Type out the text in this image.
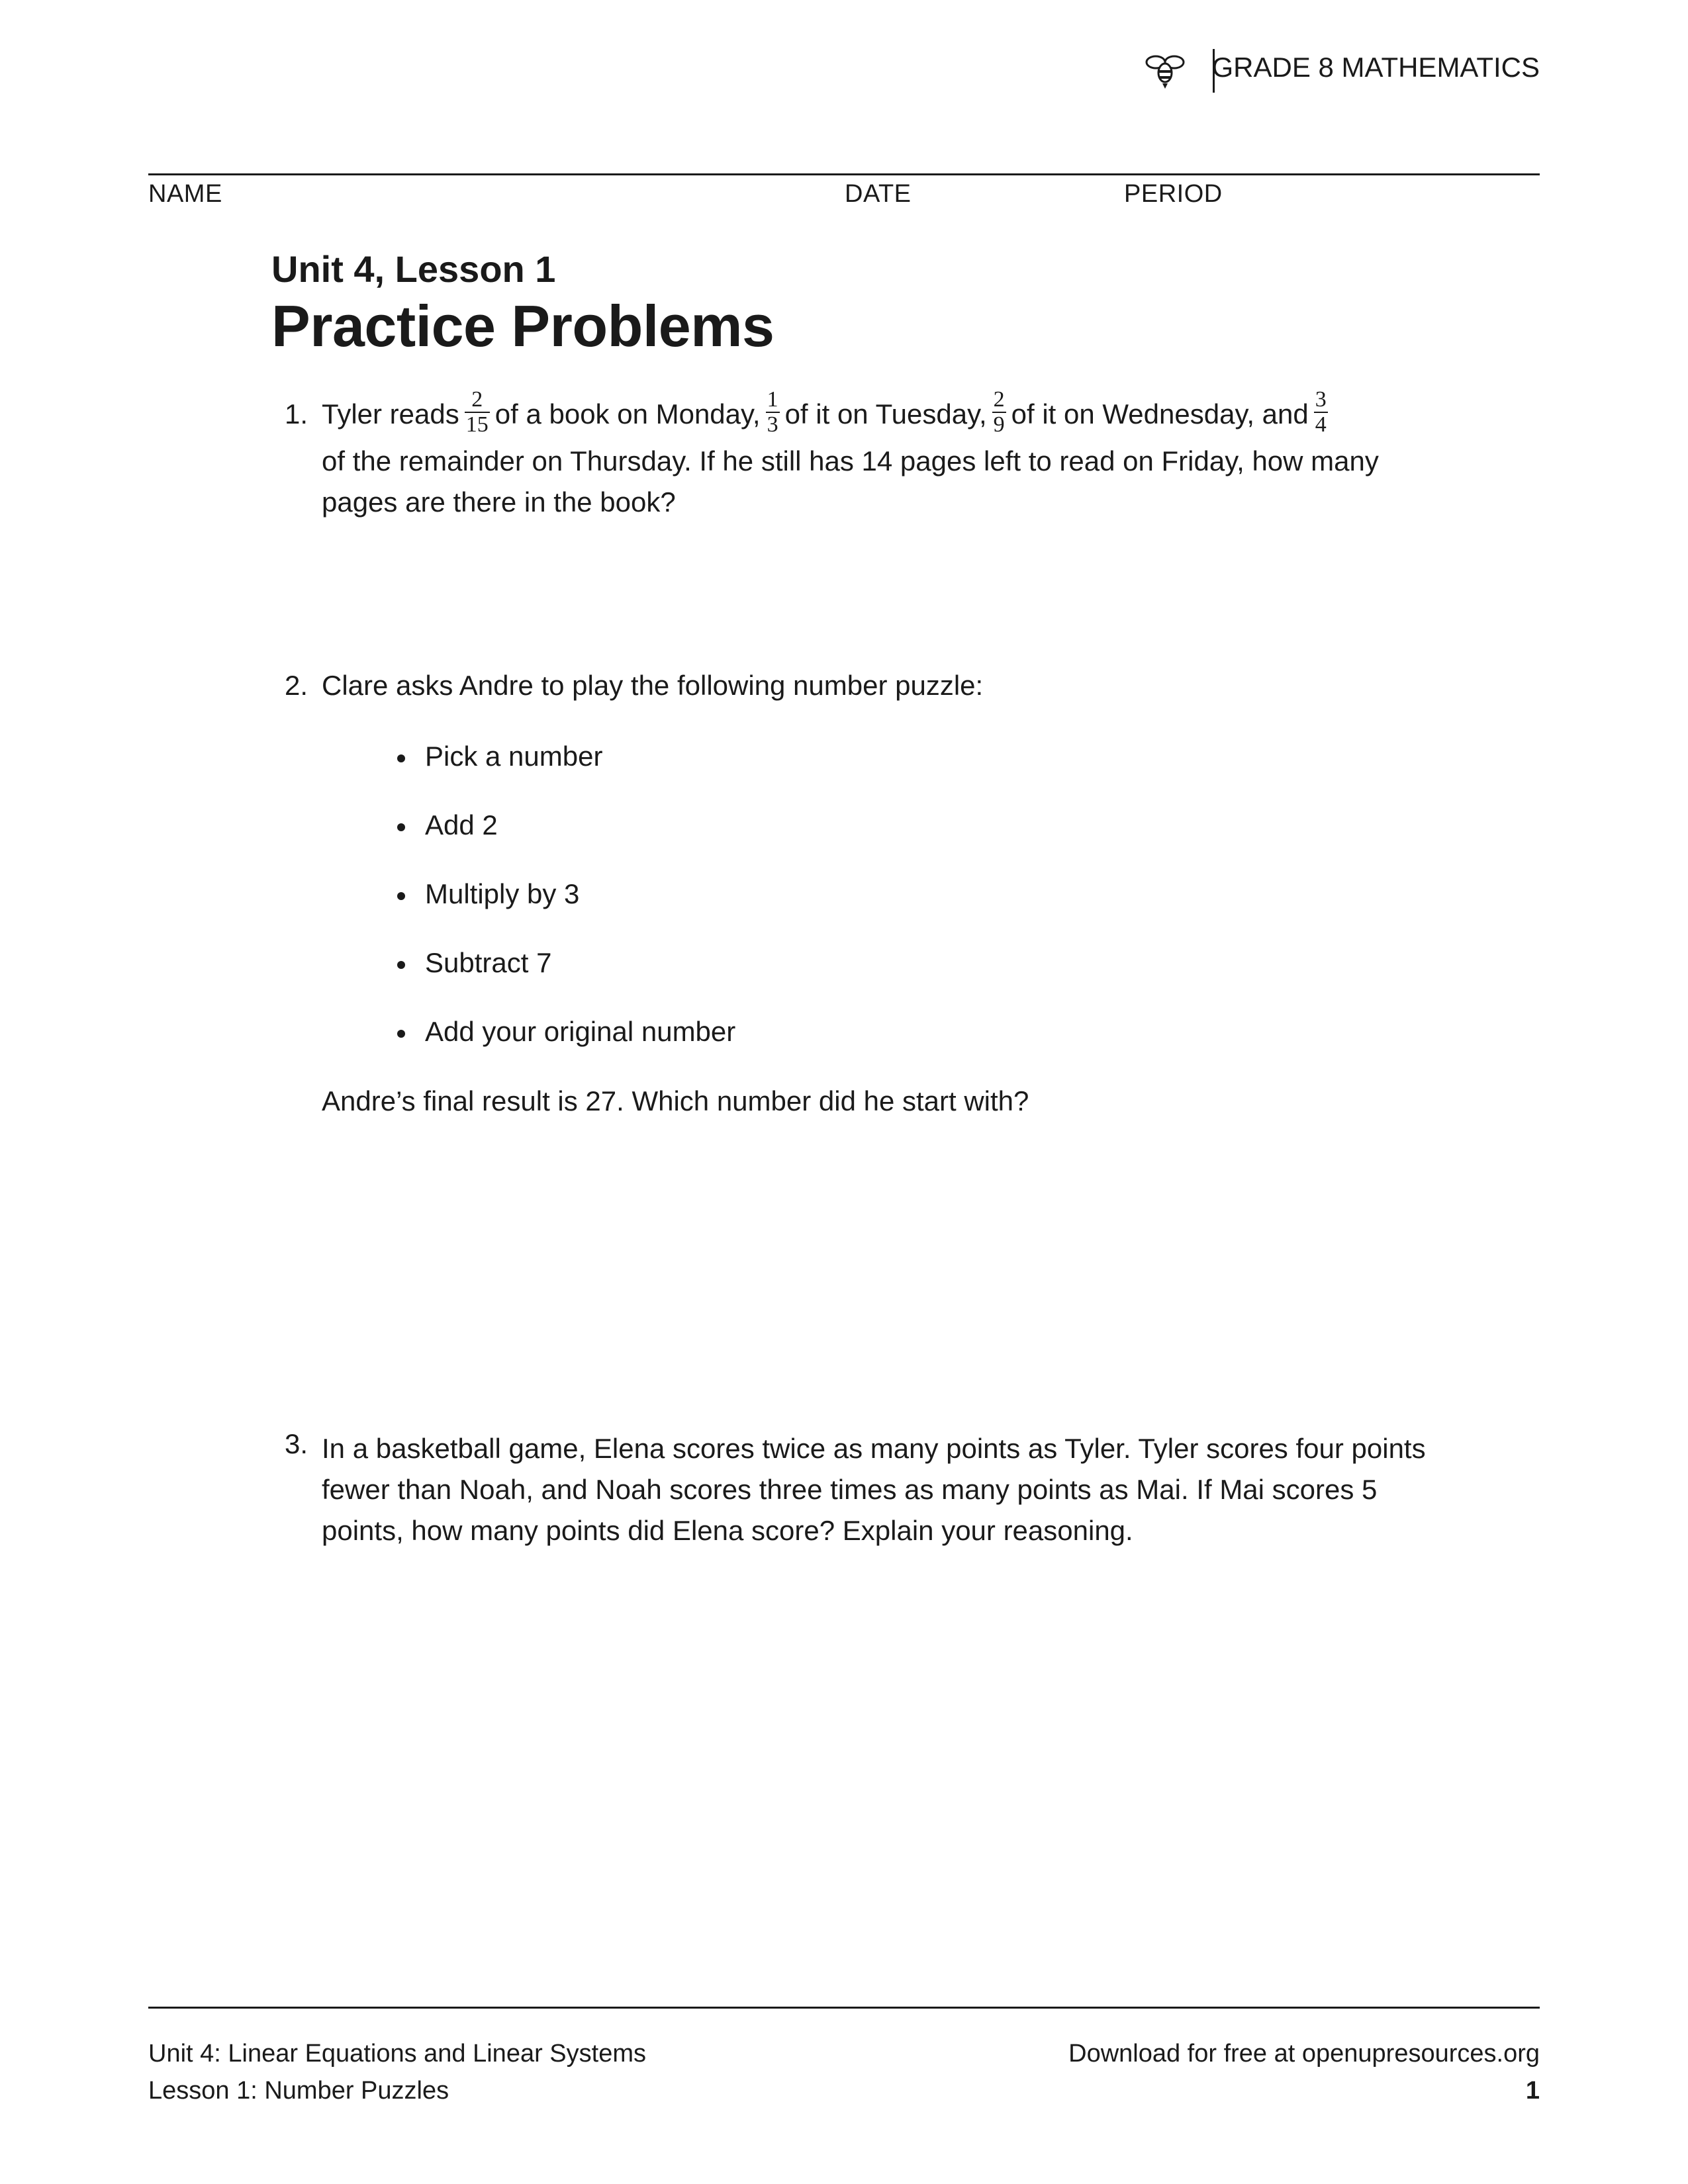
GRADE 8 MATHEMATICS
NAME	DATE	PERIOD
Unit 4, Lesson 1
Practice Problems
1. Tyler reads $\frac{2}{15}$ of a book on Monday, $\frac{1}{3}$ of it on Tuesday, $\frac{2}{9}$ of it on Wednesday, and $\frac{3}{4}$

of the remainder on Thursday. If he still has 14 pages left to read on Friday, how many pages are there in the book?
2. Clare asks Andre to play the following number puzzle:
Pick a number
Add 2
Multiply by 3
Subtract 7
Add your original number
Andre’s final result is 27. Which number did he start with?
3. In a basketball game, Elena scores twice as many points as Tyler. Tyler scores four points fewer than Noah, and Noah scores three times as many points as Mai. If Mai scores 5 points, how many points did Elena score? Explain your reasoning.
Unit 4: Linear Equations and Linear Systems
Lesson 1: Number Puzzles
Download for free at openupresources.org
1
